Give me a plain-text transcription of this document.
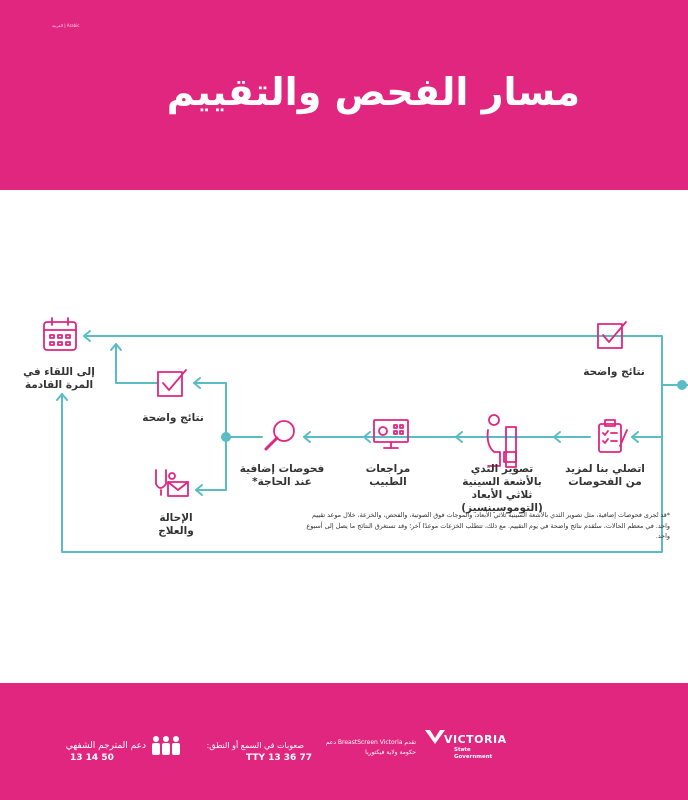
العربية | Arabic
مسار الفحص والتقييم
نتائج واضحة
إلى اللقاء في المرة القادمة
نتائج واضحة
اتصلي بنا لمزيد من الفحوصات
تصوير الثدي بالأشعة السينية ثلاثي الأبعاد (التوموسينسيز)
مراجعات الطبيب
فحوصات إضافية عند الحاجة*
الإحالة والعلاج
*قد تُجرى فحوصات إضافية، مثل تصوير الثدي بالأشعة السينية ثلاثي الأبعاد، والموجات فوق الصوتية، والفحص، والخزعة، خلال موعد تقييم واحد. في معظم الحالات، ستُقدم نتائج واضحة في يوم التقييم. مع ذلك، تتطلب الخزعات موعدًا آخر؛ وقد تستغرق النتائج ما يصل إلى أسبوع واحد.
دعم المترجم الشفهي
13 14 50
صعوبات في السمع أو النطق:
TTY 13 36 77
تقدم BreastScreen Victoria دعم
حكومة ولاية فيكتوريا
VICTORIA
State
Government
